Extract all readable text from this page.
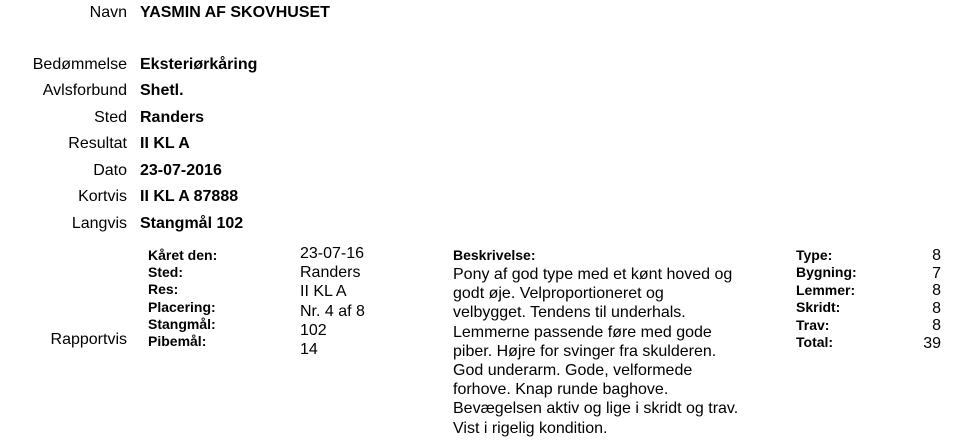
Navn YASMIN AF SKOVHUSET
Bedømmelse Eksteriørkåring
Avlsforbund Shetl.
Sted Randers
Resultat II KL A
Dato 23-07-2016
Kortvis II KL A 87888
Langvis Stangmål 102
Rapportvis
Kåret den:
Sted:
Res:
Placering:
Stangmål:
Pibemål:
23-07-16
Randers
II KL A
Nr. 4 af 8
102
14
Beskrivelse:
Pony af god type med et kønt hoved og
godt øje. Velproportioneret og
velbygget. Tendens til underhals.
Lemmerne passende føre med gode
piber. Højre for svinger fra skulderen.
God underarm. Gode, velformede
forhove. Knap runde baghove.
Bevægelsen aktiv og lige i skridt og trav.
Vist i rigelig kondition.
Type:
Bygning:
Lemmer:
Skridt:
Trav:
Total:
8
7
8
8
8
39
